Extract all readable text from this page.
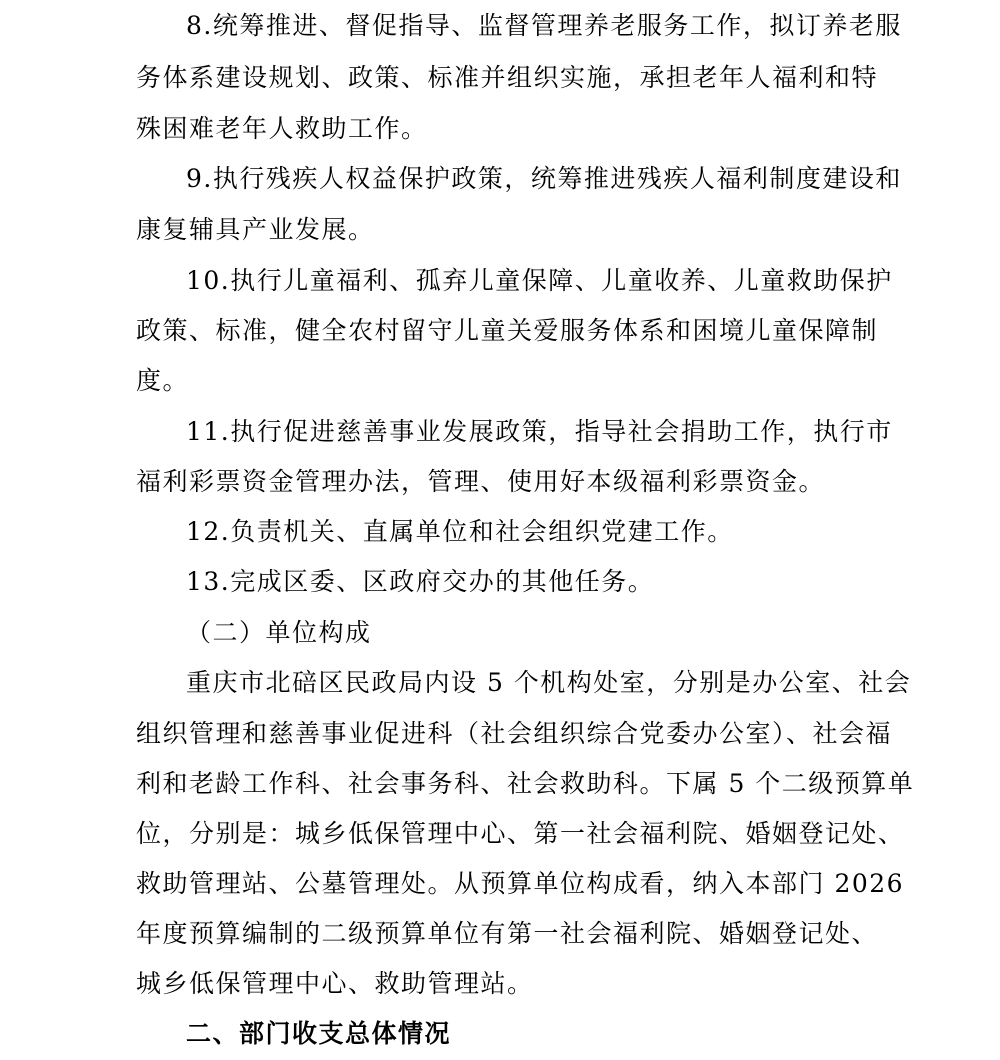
8.统筹推进、督促指导、监督管理养老服务工作，拟订养老服
务体系建设规划、政策、标准并组织实施，承担老年人福利和特
殊困难老年人救助工作。
9.执行残疾人权益保护政策，统筹推进残疾人福利制度建设和
康复辅具产业发展。
10.执行儿童福利、孤弃儿童保障、儿童收养、儿童救助保护
政策、标准，健全农村留守儿童关爱服务体系和困境儿童保障制
度。
11.执行促进慈善事业发展政策，指导社会捐助工作，执行市
福利彩票资金管理办法，管理、使用好本级福利彩票资金。
12.负责机关、直属单位和社会组织党建工作。
13.完成区委、区政府交办的其他任务。
（二）单位构成
重庆市北碚区民政局内设 5 个机构处室，分别是办公室、社会
组织管理和慈善事业促进科（社会组织综合党委办公室）、社会福
利和老龄工作科、社会事务科、社会救助科。下属 5 个二级预算单
位，分别是：城乡低保管理中心、第一社会福利院、婚姻登记处、
救助管理站、公墓管理处。从预算单位构成看，纳入本部门 2026
年度预算编制的二级预算单位有第一社会福利院、婚姻登记处、
城乡低保管理中心、救助管理站。
二、部门收支总体情况
